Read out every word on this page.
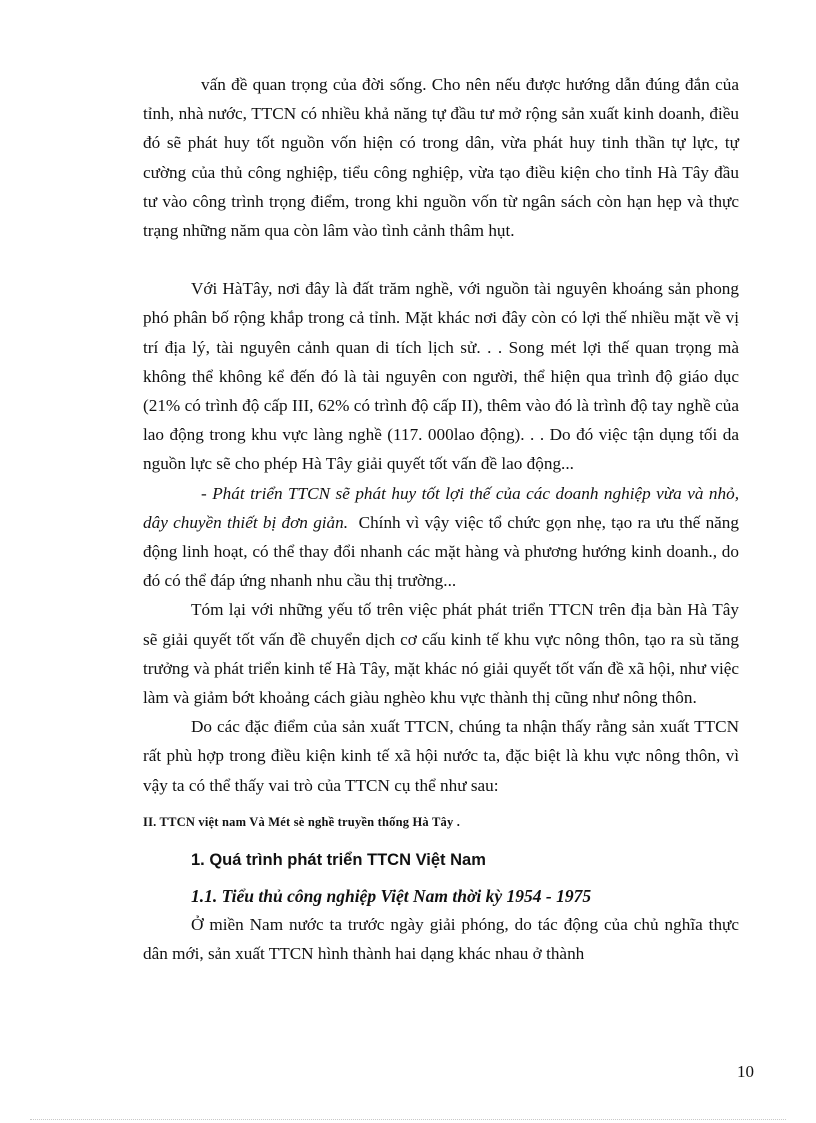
vấn đề quan trọng của đời sống. Cho nên nếu được hướng dẫn đúng đắn của tỉnh, nhà nước, TTCN có nhiều khả năng tự đầu tư mở rộng sản xuất kinh doanh, điều đó sẽ phát huy tốt nguồn vốn hiện có trong dân, vừa phát huy tinh thần tự lực, tự cường của thủ công nghiệp, tiểu công nghiệp, vừa tạo điều kiện cho tỉnh Hà Tây đầu tư vào công trình trọng điểm, trong khi nguồn vốn từ ngân sách còn hạn hẹp và thực trạng những năm qua còn lâm vào tình cảnh thâm hụt.

Với HàTây, nơi đây là đất trăm nghề, với nguồn tài nguyên khoáng sản phong phó phân bố rộng khắp trong cả tỉnh. Mặt khác nơi đây còn có lợi thế nhiều mặt về vị trí địa lý, tài nguyên cảnh quan di tích lịch sử. . . Song mét lợi thế quan trọng mà không thể không kể đến đó là tài nguyên con người, thể hiện qua trình độ giáo dục (21% có trình độ cấp III, 62% có trình độ cấp II), thêm vào đó là trình độ tay nghề của lao động trong khu vực làng nghề (117. 000lao động). . . Do đó việc tận dụng tối da nguồn lực sẽ cho phép Hà Tây giải quyết tốt vấn đề lao động...

- Phát triển TTCN sẽ phát huy tốt lợi thế của các doanh nghiệp vừa và nhỏ, dây chuyền thiết bị đơn giản. Chính vì vậy việc tổ chức gọn nhẹ, tạo ra ưu thế năng động linh hoạt, có thể thay đổi nhanh các mặt hàng và phương hướng kinh doanh., do đó có thể đáp ứng nhanh nhu cầu thị trường...

Tóm lại với những yếu tố trên việc phát phát triển TTCN trên địa bàn Hà Tây sẽ giải quyết tốt vấn đề chuyển dịch cơ cấu kinh tế khu vực nông thôn, tạo ra sù tăng trưởng và phát triển kinh tế Hà Tây, mặt khác nó giải quyết tốt vấn đề xã hội, như việc làm và giảm bớt khoảng cách giàu nghèo khu vực thành thị cũng như nông thôn.

Do các đặc điểm của sản xuất TTCN, chúng ta nhận thấy rằng sản xuất TTCN rất phù hợp trong điều kiện kinh tế xã hội nước ta, đặc biệt là khu vực nông thôn, vì vậy ta có thể thấy vai trò của TTCN cụ thể như sau:

II. TTCN việt nam Và Mét sè nghề truyền thống Hà Tây .

1. Quá trình phát triển TTCN Việt Nam

1.1. Tiểu thủ công nghiệp Việt Nam thời kỳ 1954 - 1975

Ở miền Nam nước ta trước ngày giải phóng, do tác động của chủ nghĩa thực dân mới, sản xuất TTCN hình thành hai dạng khác nhau ở thành

10
